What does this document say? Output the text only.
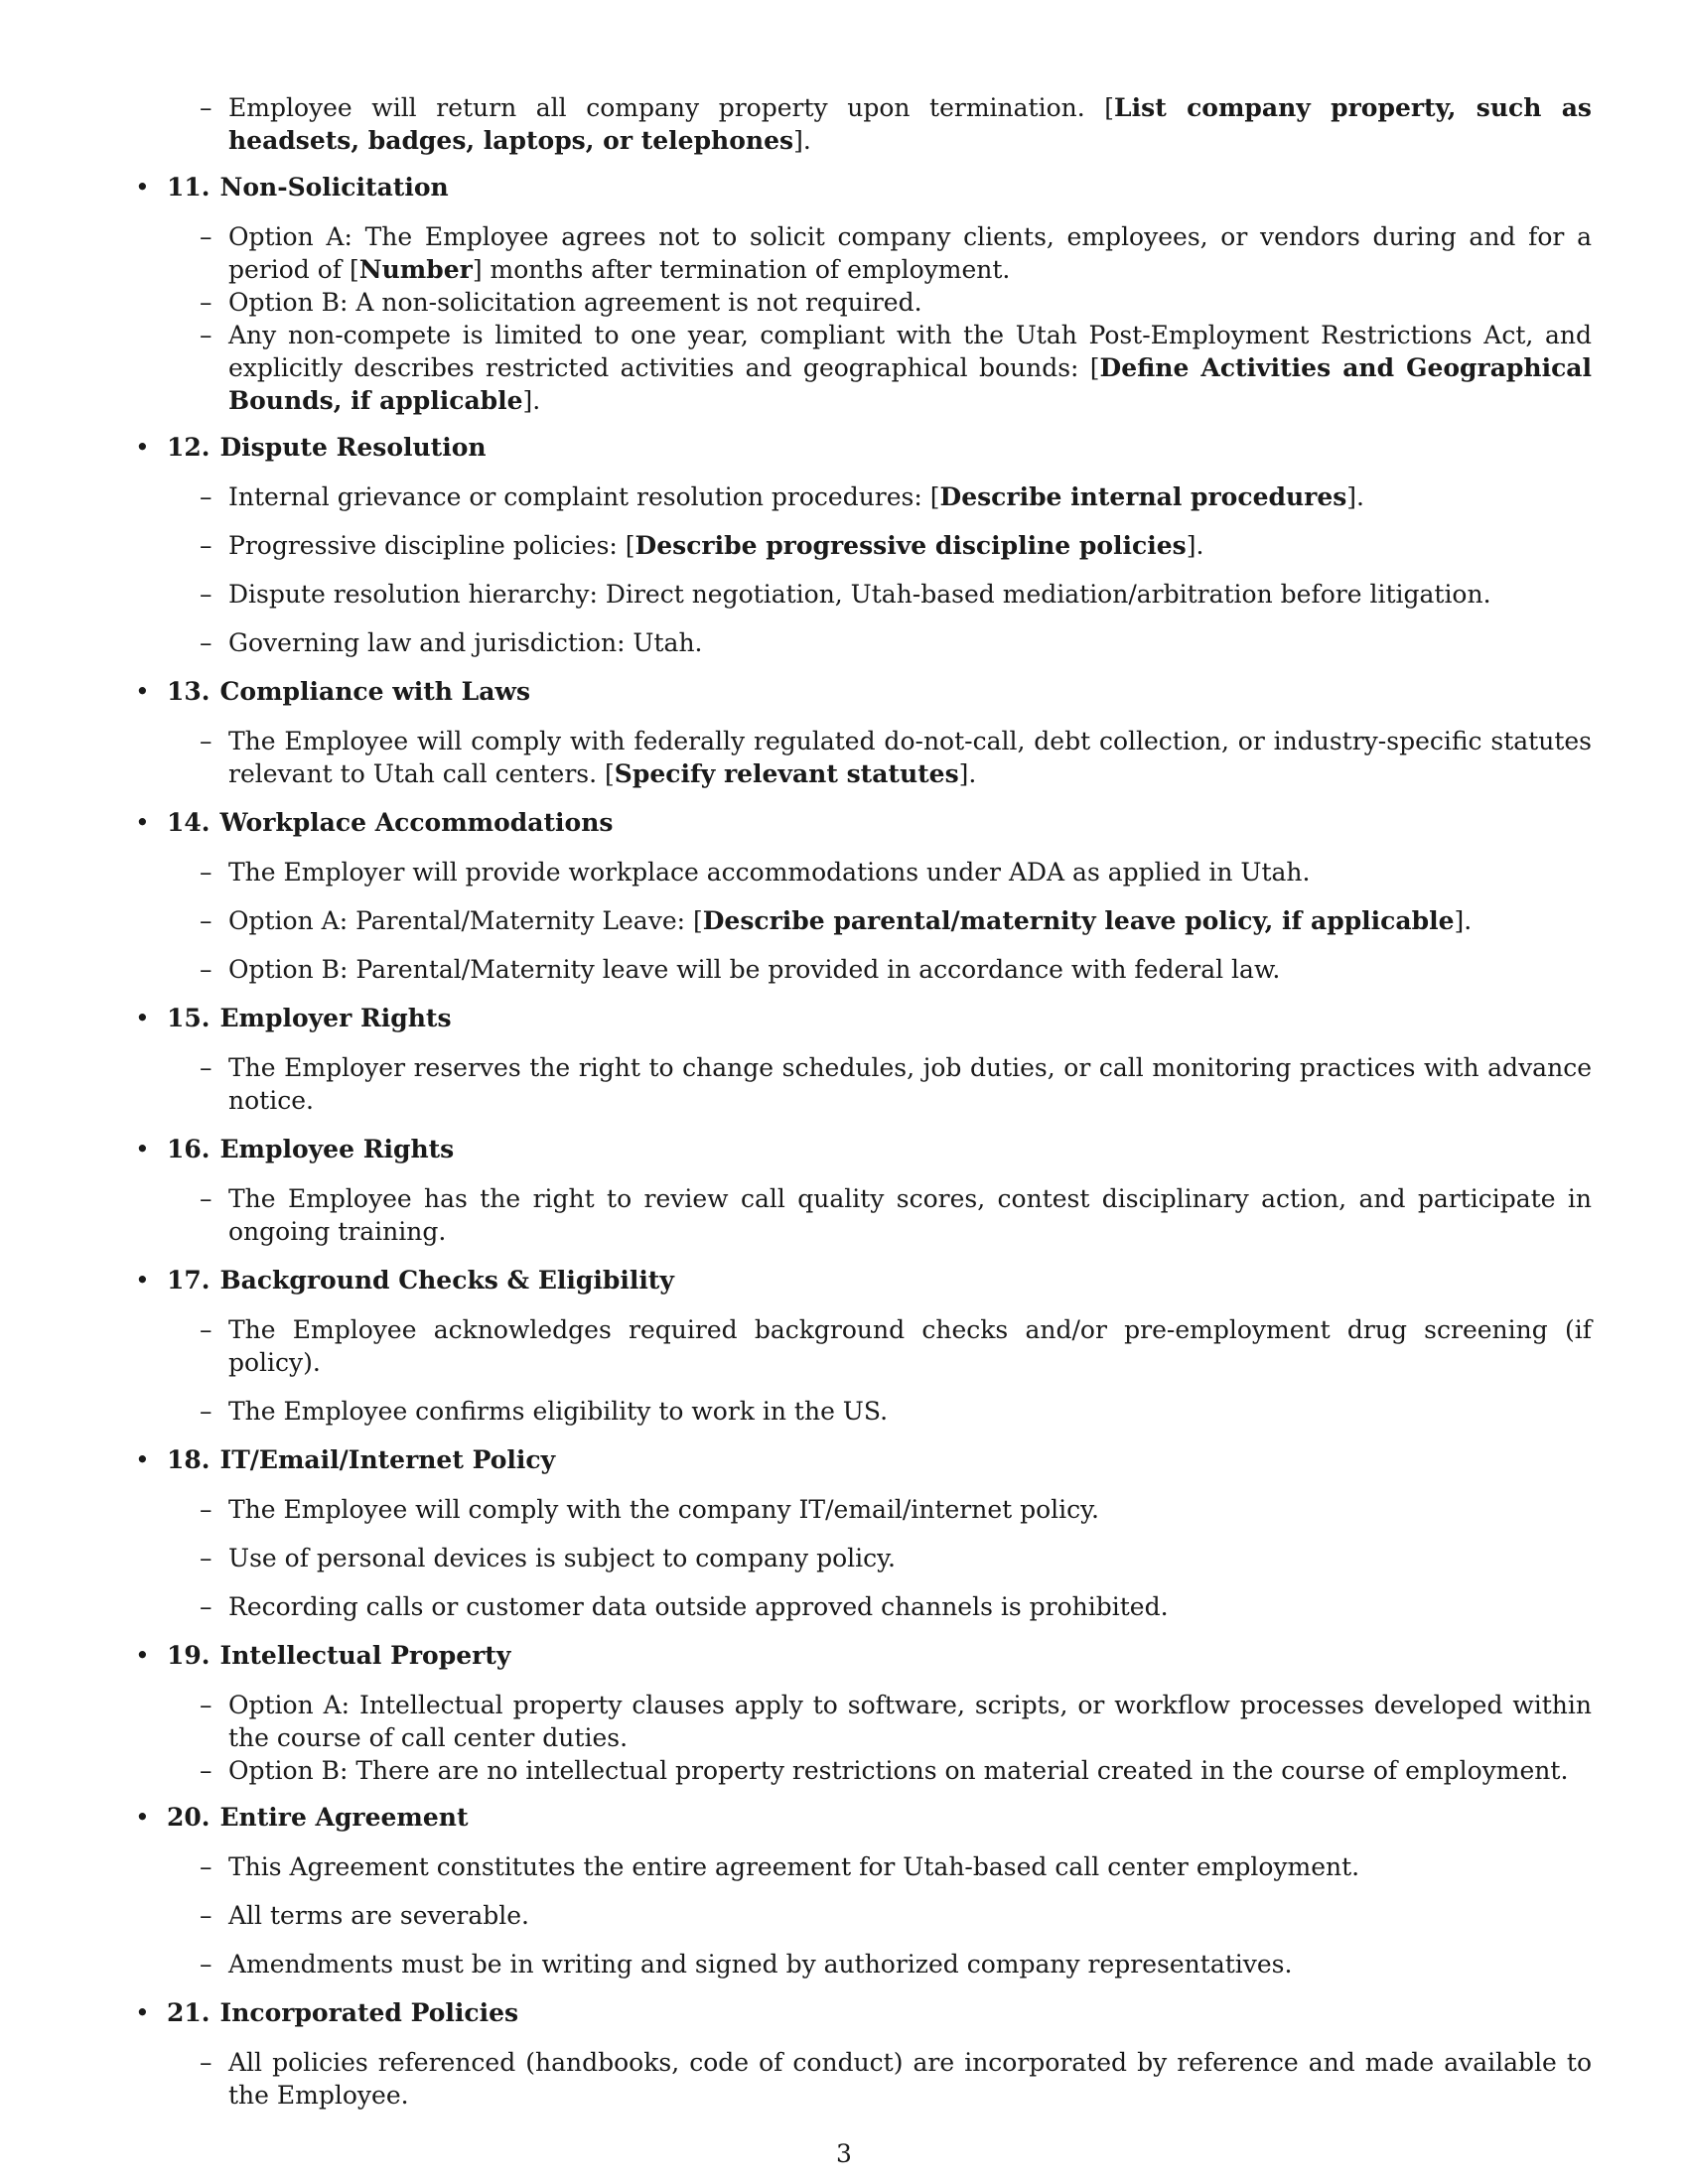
– Employee will return all company property upon termination. [List company property, such as headsets, badges, laptops, or telephones].
• 11. Non-Solicitation
– Option A: The Employee agrees not to solicit company clients, employees, or vendors during and for a period of [Number] months after termination of employment.
– Option B: A non-solicitation agreement is not required.
– Any non-compete is limited to one year, compliant with the Utah Post-Employment Restrictions Act, and explicitly describes restricted activities and geographical bounds: [Define Activities and Geographical Bounds, if applicable].
• 12. Dispute Resolution
– Internal grievance or complaint resolution procedures: [Describe internal procedures].
– Progressive discipline policies: [Describe progressive discipline policies].
– Dispute resolution hierarchy: Direct negotiation, Utah-based mediation/arbitration before litigation.
– Governing law and jurisdiction: Utah.
• 13. Compliance with Laws
– The Employee will comply with federally regulated do-not-call, debt collection, or industry-specific statutes relevant to Utah call centers. [Specify relevant statutes].
• 14. Workplace Accommodations
– The Employer will provide workplace accommodations under ADA as applied in Utah.
– Option A: Parental/Maternity Leave: [Describe parental/maternity leave policy, if applicable].
– Option B: Parental/Maternity leave will be provided in accordance with federal law.
• 15. Employer Rights
– The Employer reserves the right to change schedules, job duties, or call monitoring practices with advance notice.
• 16. Employee Rights
– The Employee has the right to review call quality scores, contest disciplinary action, and participate in ongoing training.
• 17. Background Checks & Eligibility
– The Employee acknowledges required background checks and/or pre-employment drug screening (if policy).
– The Employee confirms eligibility to work in the US.
• 18. IT/Email/Internet Policy
– The Employee will comply with the company IT/email/internet policy.
– Use of personal devices is subject to company policy.
– Recording calls or customer data outside approved channels is prohibited.
• 19. Intellectual Property
– Option A: Intellectual property clauses apply to software, scripts, or workflow processes developed within the course of call center duties.
– Option B: There are no intellectual property restrictions on material created in the course of employment.
• 20. Entire Agreement
– This Agreement constitutes the entire agreement for Utah-based call center employment.
– All terms are severable.
– Amendments must be in writing and signed by authorized company representatives.
• 21. Incorporated Policies
– All policies referenced (handbooks, code of conduct) are incorporated by reference and made available to the Employee.
3
